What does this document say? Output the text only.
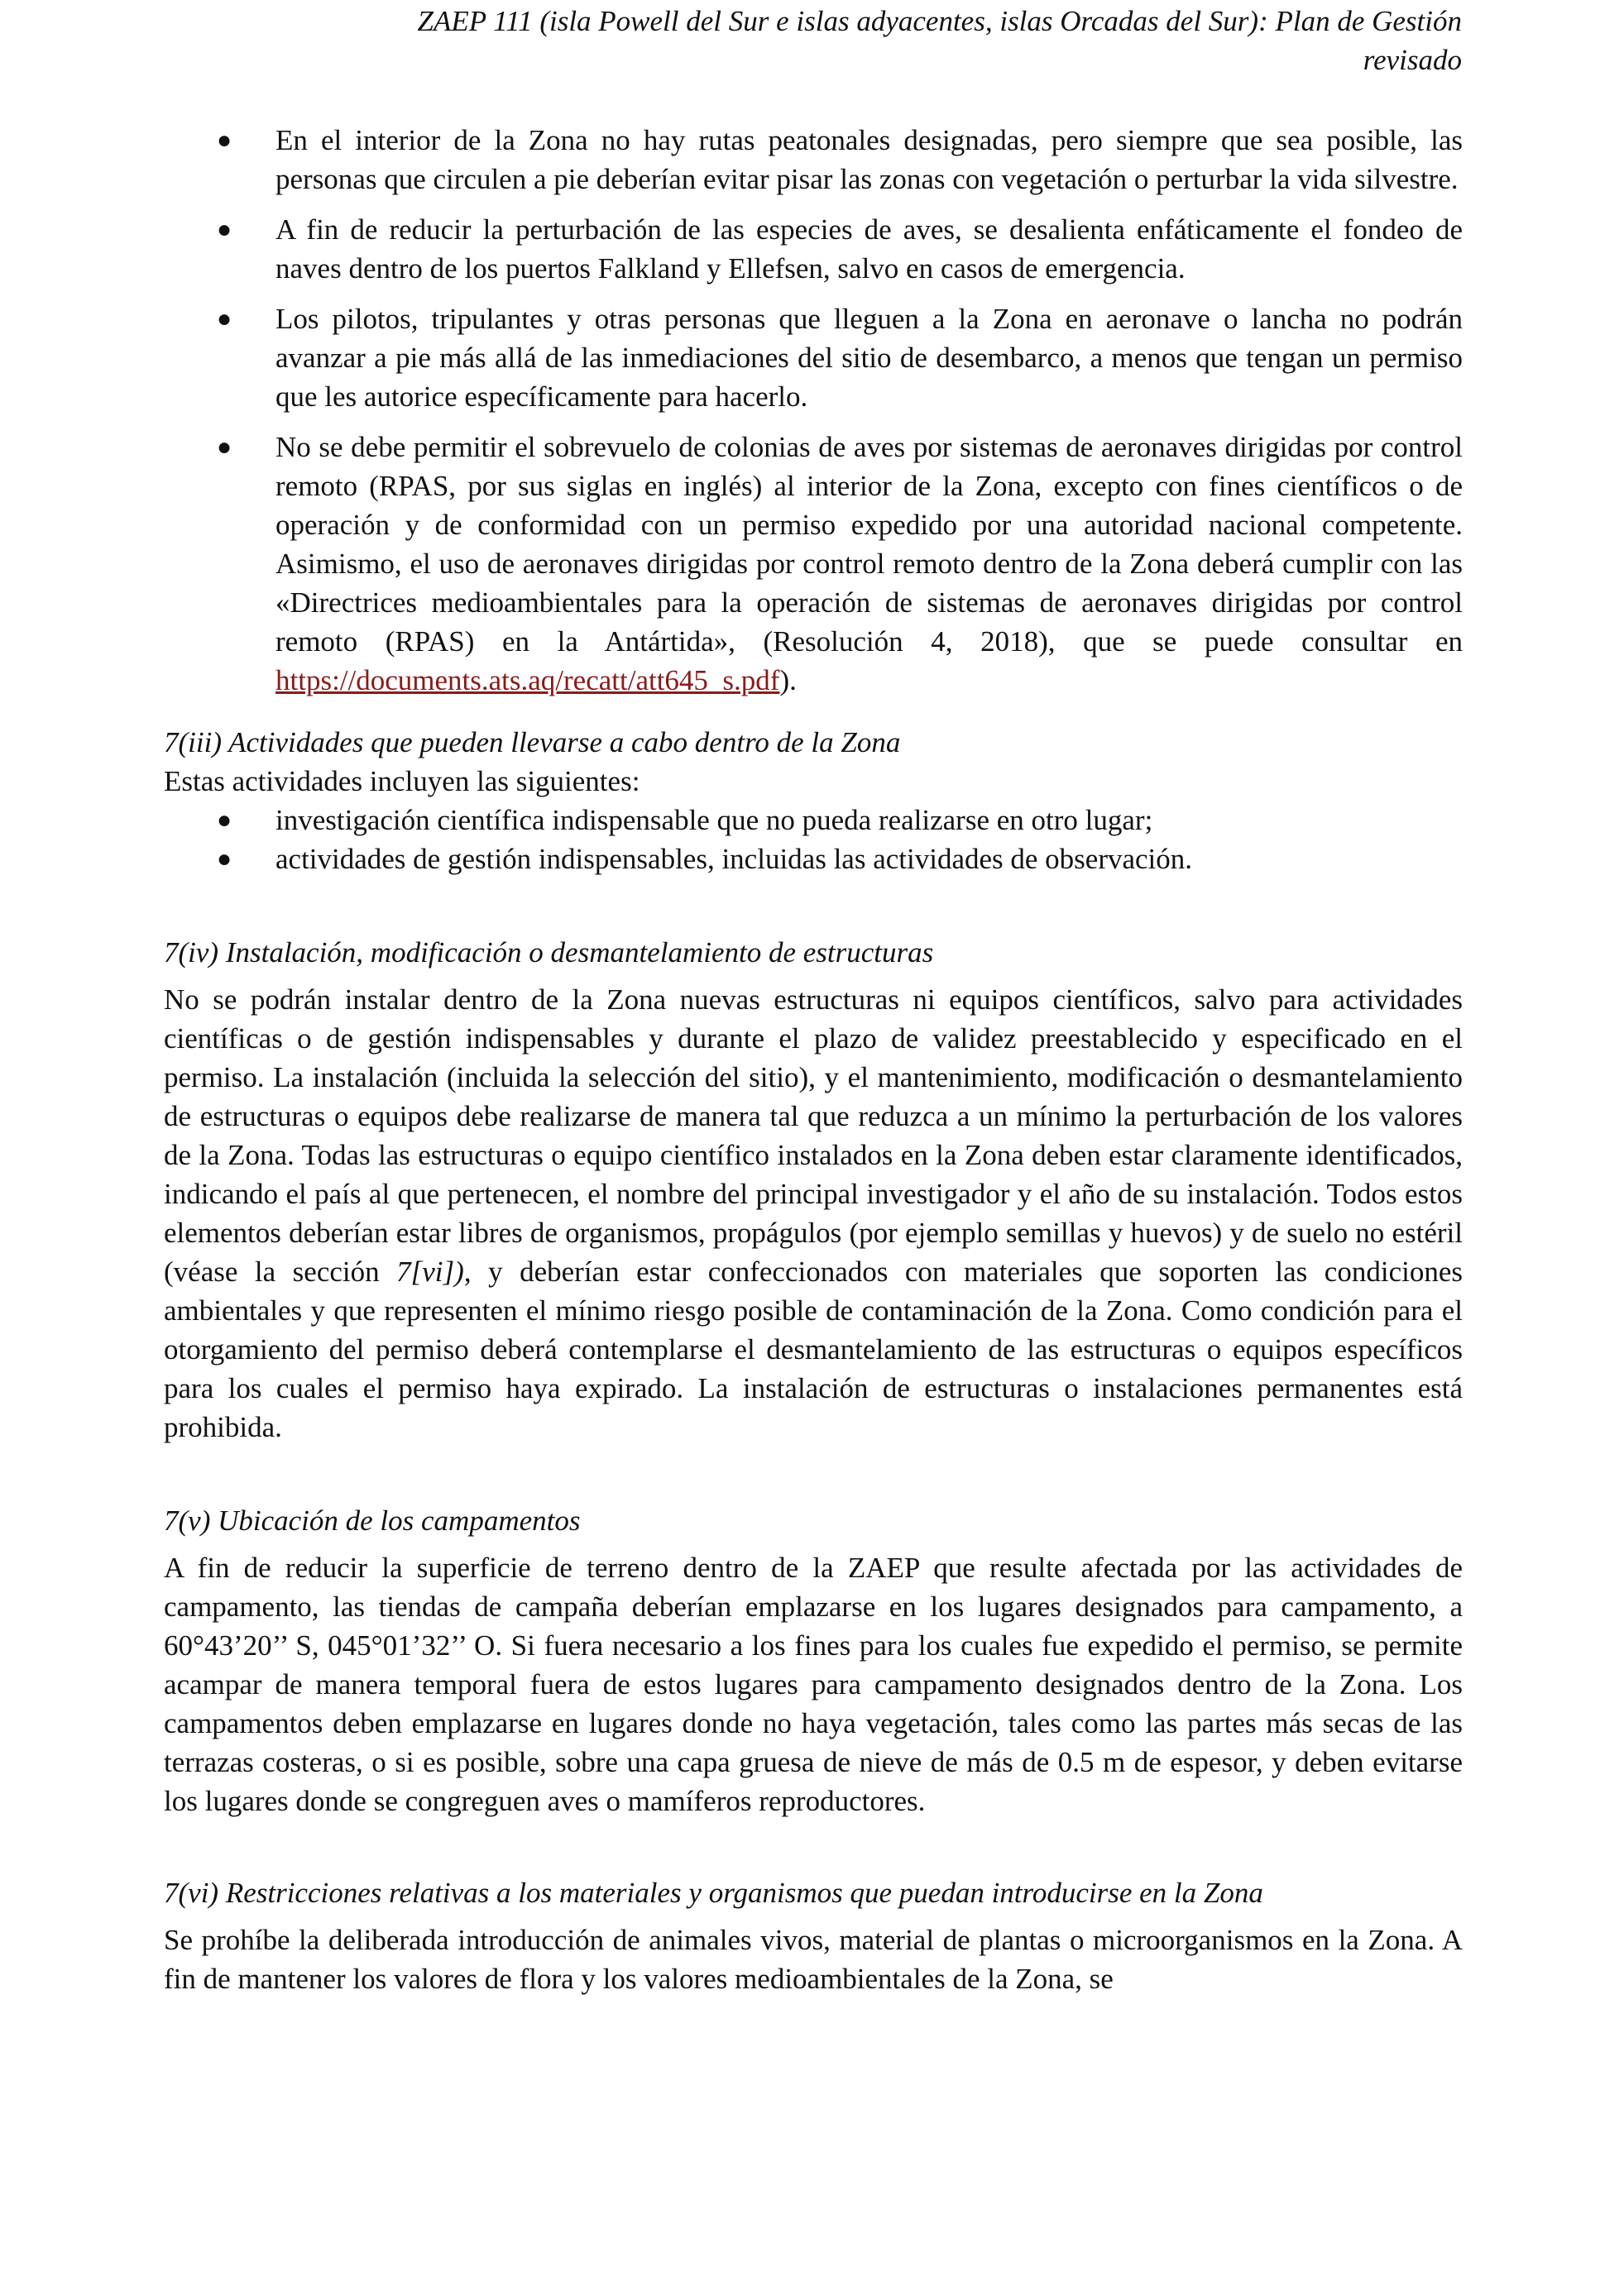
ZAEP 111 (isla Powell del Sur e islas adyacentes, islas Orcadas del Sur): Plan de Gestión
revisado
● En el interior de la Zona no hay rutas peatonales designadas, pero siempre que sea posible, las personas que circulen a pie deberían evitar pisar las zonas con vegetación o perturbar la vida silvestre.
● A fin de reducir la perturbación de las especies de aves, se desalienta enfáticamente el fondeo de naves dentro de los puertos Falkland y Ellefsen, salvo en casos de emergencia.
● Los pilotos, tripulantes y otras personas que lleguen a la Zona en aeronave o lancha no podrán avanzar a pie más allá de las inmediaciones del sitio de desembarco, a menos que tengan un permiso que les autorice específicamente para hacerlo.
● No se debe permitir el sobrevuelo de colonias de aves por sistemas de aeronaves dirigidas por control remoto (RPAS, por sus siglas en inglés) al interior de la Zona, excepto con fines científicos o de operación y de conformidad con un permiso expedido por una autoridad nacional competente. Asimismo, el uso de aeronaves dirigidas por control remoto dentro de la Zona deberá cumplir con las «Directrices medioambientales para la operación de sistemas de aeronaves dirigidas por control remoto (RPAS) en la Antártida», (Resolución 4, 2018), que se puede consultar en https://documents.ats.aq/recatt/att645_s.pdf).

7(iii) Actividades que pueden llevarse a cabo dentro de la Zona

Estas actividades incluyen las siguientes:

● investigación científica indispensable que no pueda realizarse en otro lugar;
● actividades de gestión indispensables, incluidas las actividades de observación.

7(iv) Instalación, modificación o desmantelamiento de estructuras

No se podrán instalar dentro de la Zona nuevas estructuras ni equipos científicos, salvo para actividades científicas o de gestión indispensables y durante el plazo de validez preestablecido y especificado en el permiso. La instalación (incluida la selección del sitio), y el mantenimiento, modificación o desmantelamiento de estructuras o equipos debe realizarse de manera tal que reduzca a un mínimo la perturbación de los valores de la Zona. Todas las estructuras o equipo científico instalados en la Zona deben estar claramente identificados, indicando el país al que pertenecen, el nombre del principal investigador y el año de su instalación. Todos estos elementos deberían estar libres de organismos, propágulos (por ejemplo semillas y huevos) y de suelo no estéril (véase la sección 7[vi]), y deberían estar confeccionados con materiales que soporten las condiciones ambientales y que representen el mínimo riesgo posible de contaminación de la Zona. Como condición para el otorgamiento del permiso deberá contemplarse el desmantelamiento de las estructuras o equipos específicos para los cuales el permiso haya expirado. La instalación de estructuras o instalaciones permanentes está prohibida.

7(v) Ubicación de los campamentos

A fin de reducir la superficie de terreno dentro de la ZAEP que resulte afectada por las actividades de campamento, las tiendas de campaña deberían emplazarse en los lugares designados para campamento, a 60°43’20’’ S, 045°01’32’’ O. Si fuera necesario a los fines para los cuales fue expedido el permiso, se permite acampar de manera temporal fuera de estos lugares para campamento designados dentro de la Zona. Los campamentos deben emplazarse en lugares donde no haya vegetación, tales como las partes más secas de las terrazas costeras, o si es posible, sobre una capa gruesa de nieve de más de 0.5 m de espesor, y deben evitarse los lugares donde se congreguen aves o mamíferos reproductores.

7(vi) Restricciones relativas a los materiales y organismos que puedan introducirse en la Zona

Se prohíbe la deliberada introducción de animales vivos, material de plantas o microorganismos en la Zona. A fin de mantener los valores de flora y los valores medioambientales de la Zona, se
